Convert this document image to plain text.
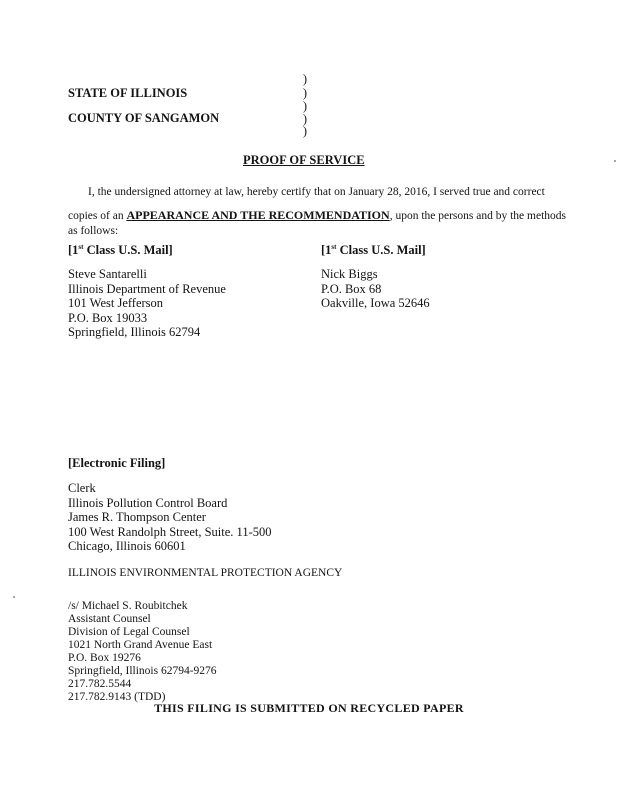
STATE OF ILLINOIS
COUNTY OF SANGAMON
)
)
)
)
)
PROOF OF SERVICE
I, the undersigned attorney at law, hereby certify that on January 28, 2016, I served true and correct
copies of an APPEARANCE AND THE RECOMMENDATION, upon the persons and by the methods
as follows:
[1st Class U.S. Mail]	[1st Class U.S. Mail]
Steve Santarelli
Illinois Department of Revenue
101 West Jefferson
P.O. Box 19033
Springfield, Illinois 62794
Nick Biggs
P.O. Box 68
Oakville, Iowa 52646
[Electronic Filing]
Clerk
Illinois Pollution Control Board
James R. Thompson Center
100 West Randolph Street, Suite. 11-500
Chicago, Illinois 60601
ILLINOIS ENVIRONMENTAL PROTECTION AGENCY
/s/ Michael S. Roubitchek
Assistant Counsel
Division of Legal Counsel
1021 North Grand Avenue East
P.O. Box 19276
Springfield, Illinois 62794-9276
217.782.5544
217.782.9143 (TDD)
THIS FILING IS SUBMITTED ON RECYCLED PAPER
